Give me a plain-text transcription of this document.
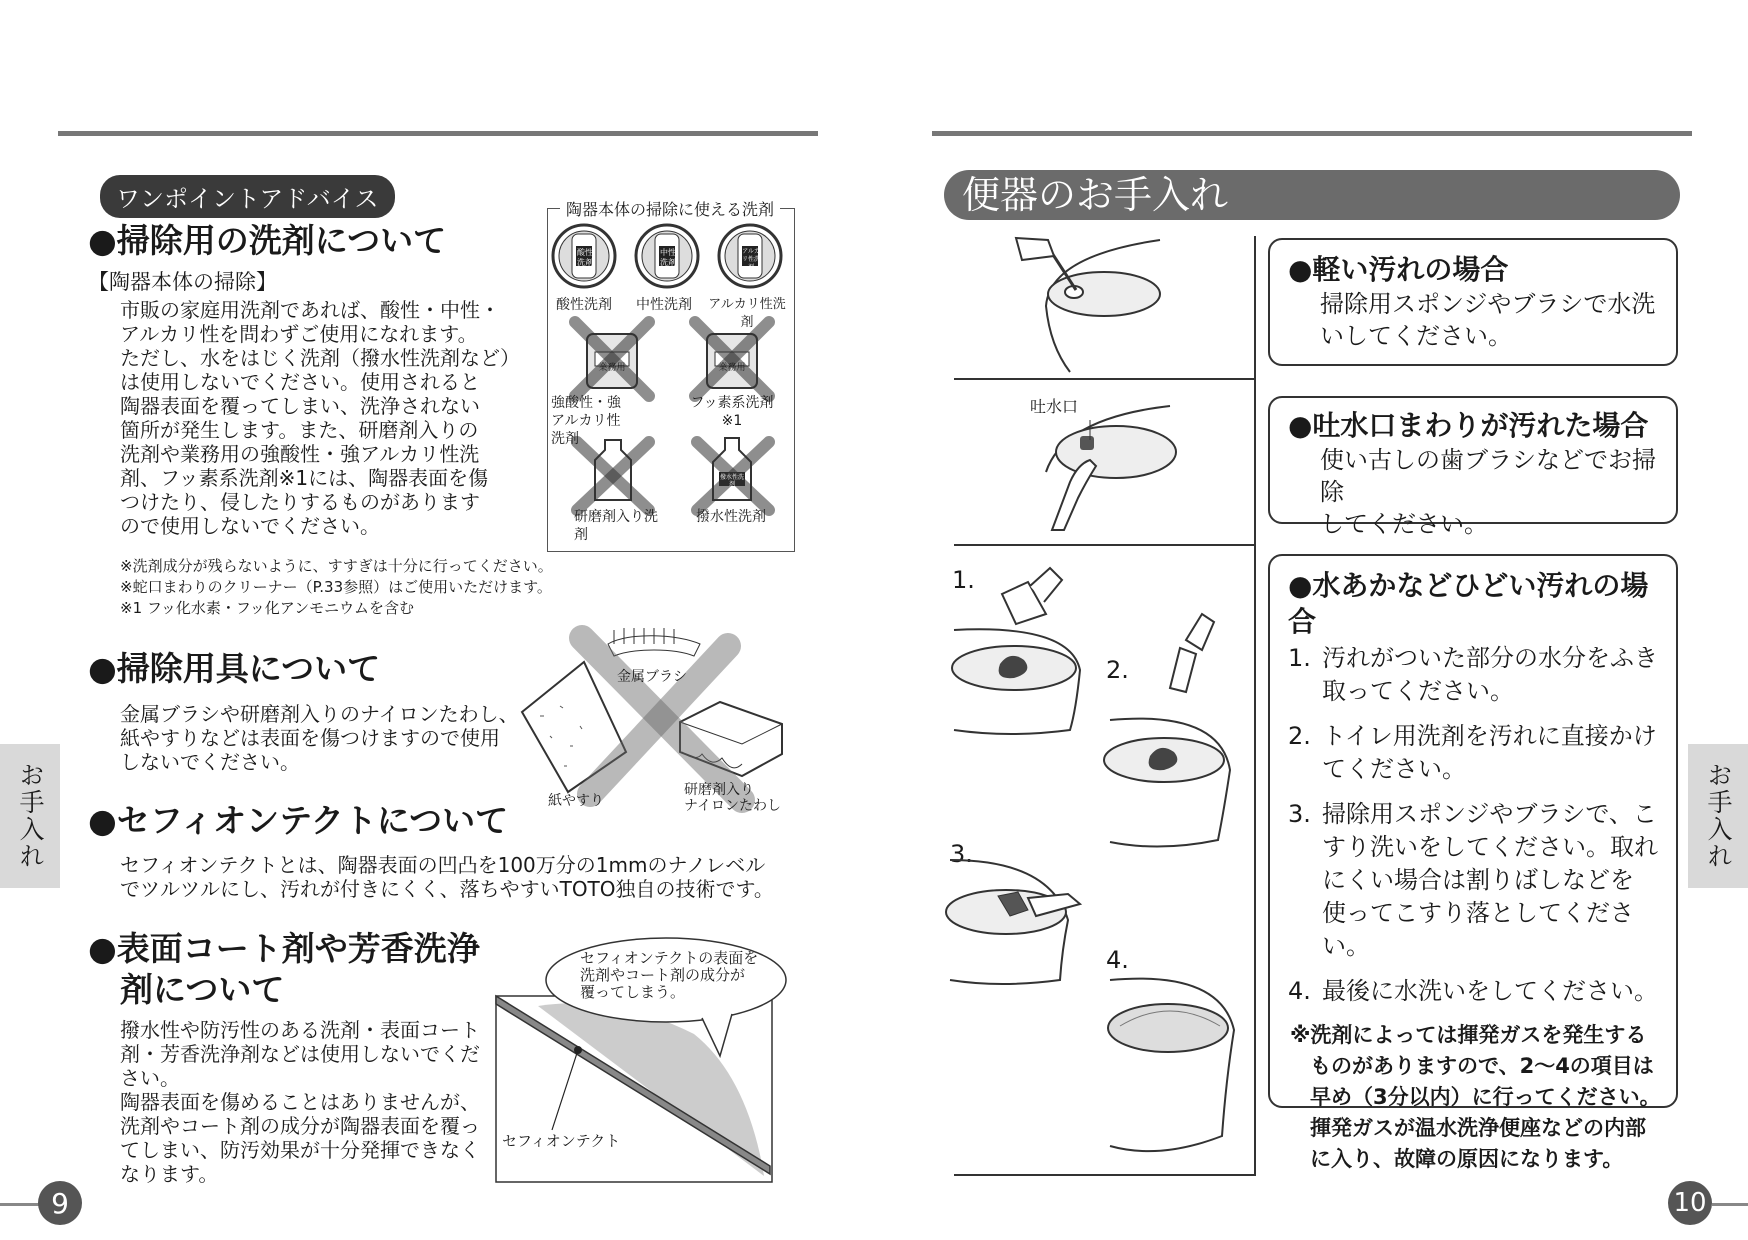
ワンポイントアドバイス
●掃除用の洗剤について
【陶器本体の掃除】
市販の家庭用洗剤であれば、酸性・中性・
アルカリ性を問わずご使用になれます。
ただし、水をはじく洗剤（撥水性洗剤など）
は使用しないでください。使用されると
陶器表面を覆ってしまい、洗浄されない
箇所が発生します。また、研磨剤入りの
洗剤や業務用の強酸性・強アルカリ性洗
剤、フッ素系洗剤※1には、陶器表面を傷
つけたり、侵したりするものがあります
ので使用しないでください。
※洗剤成分が残らないように、すすぎは十分に行ってください。
※蛇口まわりのクリーナー（P.33参照）はご使用いただけます。
※1 フッ化水素・フッ化アンモニウムを含む
陶器本体の掃除に使える洗剤
酸性洗剤
中性洗剤
アルカリ性洗剤
酸性洗剤	中性洗剤	アルカリ性洗剤
業務用	業務用
撥水性洗剤
強酸性・強アルカリ性洗剤
フッ素系洗剤※1
研磨剤入り洗剤
撥水性洗剤
●掃除用具について
金属ブラシや研磨剤入りのナイロンたわし、
紙やすりなどは表面を傷つけますので使用
しないでください。
金属ブラシ
紙やすり
研磨剤入り
ナイロンたわし
●セフィオンテクトについて
セフィオンテクトとは、陶器表面の凹凸を100万分の1mmのナノレベル
でツルツルにし、汚れが付きにくく、落ちやすいTOTO独自の技術です。
●表面コート剤や芳香洗浄
剤について
撥水性や防汚性のある洗剤・表面コート
剤・芳香洗浄剤などは使用しないでくだ
さい。
陶器表面を傷めることはありませんが、
洗剤やコート剤の成分が陶器表面を覆っ
てしまい、防汚効果が十分発揮できなく
なります。
セフィオンテクトの表面を
洗剤やコート剤の成分が
覆ってしまう。
セフィオンテクト
お手入れ
9
便器のお手入れ
吐水口
1.
2.
3.
4.
●軽い汚れの場合
掃除用スポンジやブラシで水洗
いしてください。
●吐水口まわりが汚れた場合
使い古しの歯ブラシなどでお掃除
してください。
●水あかなどひどい汚れの場合
1. 汚れがついた部分の水分をふき
取ってください。
2. トイレ用洗剤を汚れに直接かけ
てください。
3. 掃除用スポンジやブラシで、こ
すり洗いをしてください。取れ
にくい場合は割りばしなどを
使ってこすり落としてください。
4. 最後に水洗いをしてください。
※洗剤によっては揮発ガスを発生する
ものがありますので、2～4の項目は
早め（3分以内）に行ってください。
揮発ガスが温水洗浄便座などの内部
に入り、故障の原因になります。
お手入れ
10
